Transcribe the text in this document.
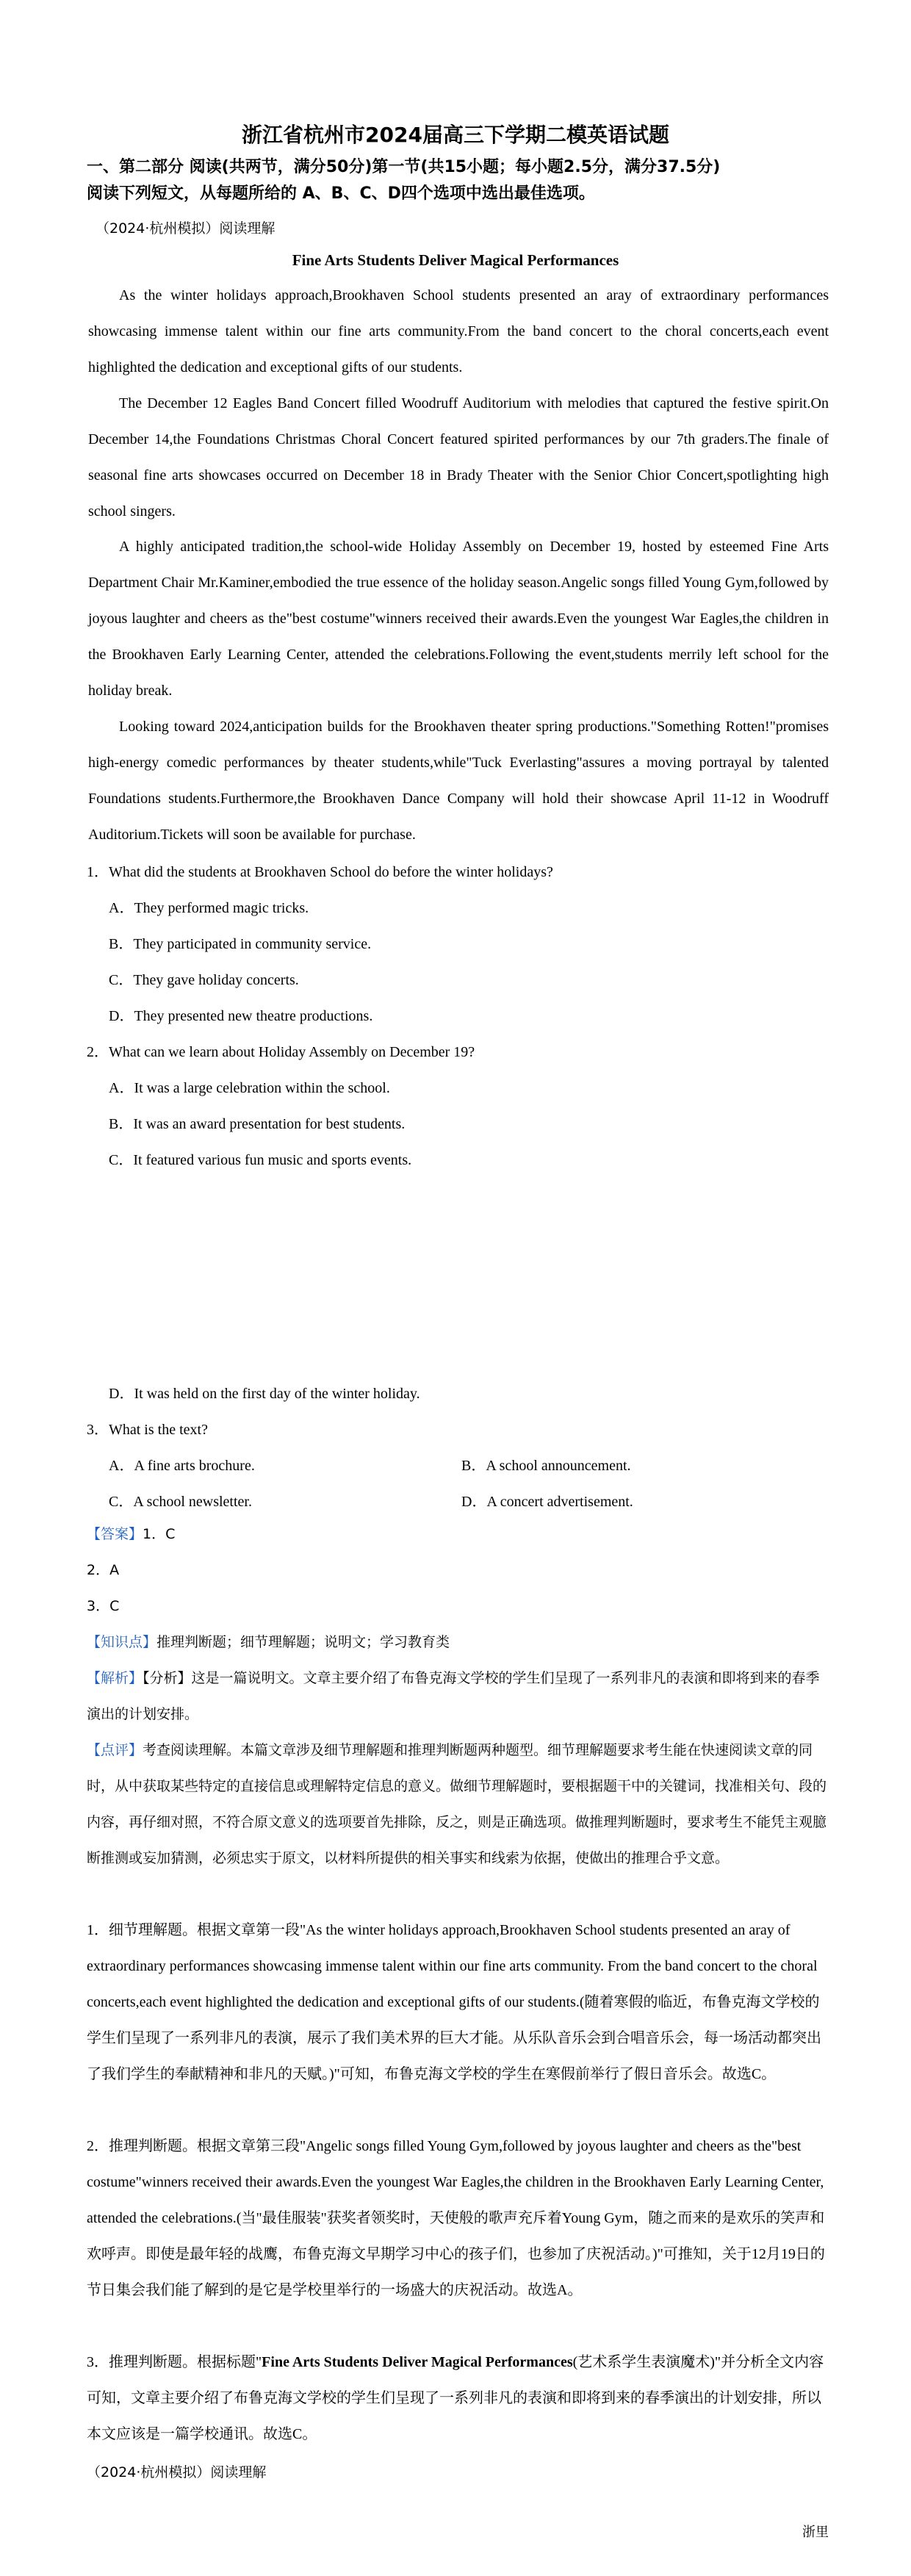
浙江省杭州市2024届高三下学期二模英语试题
一、第二部分 阅读(共两节，满分50分)第一节(共15小题；每小题2.5分，满分37.5分)
阅读下列短文，从每题所给的 A、B、C、D四个选项中选出最佳选项。
（2024·杭州模拟）阅读理解
Fine Arts Students Deliver Magical Performances

As the winter holidays approach,Brookhaven School students presented an aray of extraordinary performances showcasing immense talent within our fine arts community.From the band concert to the choral concerts,each event highlighted the dedication and exceptional gifts of our students.

The December 12 Eagles Band Concert filled Woodruff Auditorium with melodies that captured the festive spirit.On December 14,the Foundations Christmas Choral Concert featured spirited performances by our 7th graders.The finale of seasonal fine arts showcases occurred on December 18 in Brady Theater with the Senior Chior Concert,spotlighting high school singers.

A highly anticipated tradition,the school-wide Holiday Assembly on December 19, hosted by esteemed Fine Arts Department Chair Mr.Kaminer,embodied the true essence of the holiday season.Angelic songs filled Young Gym,followed by joyous laughter and cheers as the"best costume"winners received their awards.Even the youngest War Eagles,the children in the Brookhaven Early Learning Center, attended the celebrations.Following the event,students merrily left school for the holiday break.

Looking toward 2024,anticipation builds for the Brookhaven theater spring productions."Something Rotten!"promises high-energy comedic performances by theater students,while"Tuck Everlasting"assures a moving portrayal by talented Foundations students.Furthermore,the Brookhaven Dance Company will hold their showcase April 11-12 in Woodruff Auditorium.Tickets will soon be available for purchase.

1．What did the students at Brookhaven School do before the winter holidays?
A．They performed magic tricks.
B．They participated in community service.
C．They gave holiday concerts.
D．They presented new theatre productions.
2．What can we learn about Holiday Assembly on December 19?
A．It was a large celebration within the school.
B．It was an award presentation for best students.
C．It featured various fun music and sports events.
D．It was held on the first day of the winter holiday.
3．What is the text?
A．A fine arts brochure.	B．A school announcement.
C．A school newsletter.	D．A concert advertisement.
【答案】1．C
2．A
3．C
【知识点】推理判断题；细节理解题；说明文；学习教育类

【解析】【分析】这是一篇说明文。文章主要介绍了布鲁克海文学校的学生们呈现了一系列非凡的表演和即将到来的春季演出的计划安排。

【点评】考查阅读理解。本篇文章涉及细节理解题和推理判断题两种题型。细节理解题要求考生能在快速阅读文章的同时，从中获取某些特定的直接信息或理解特定信息的意义。做细节理解题时，要根据题干中的关键词，找准相关句、段的内容，再仔细对照，不符合原文意义的选项要首先排除，反之，则是正确选项。做推理判断题时，要求考生不能凭主观臆断推测或妄加猜测，必须忠实于原文，以材料所提供的相关事实和线索为依据，使做出的推理合乎文意。

1．细节理解题。根据文章第一段"As the winter holidays approach,Brookhaven School students presented an aray of extraordinary performances showcasing immense talent within our fine arts community. From the band concert to the choral concerts,each event highlighted the dedication and exceptional gifts of our students.(随着寒假的临近，布鲁克海文学校的学生们呈现了一系列非凡的表演，展示了我们美术界的巨大才能。从乐队音乐会到合唱音乐会，每一场活动都突出了我们学生的奉献精神和非凡的天赋。)"可知，布鲁克海文学校的学生在寒假前举行了假日音乐会。故选C。

2．推理判断题。根据文章第三段"Angelic songs filled Young Gym,followed by joyous laughter and cheers as the"best costume"winners received their awards.Even the youngest War Eagles,the children in the Brookhaven Early Learning Center, attended the celebrations.(当"最佳服装"获奖者领奖时，天使般的歌声充斥着Young Gym，随之而来的是欢乐的笑声和欢呼声。即使是最年轻的战鹰，布鲁克海文早期学习中心的孩子们，也参加了庆祝活动。)"可推知，关于12月19日的节日集会我们能了解到的是它是学校里举行的一场盛大的庆祝活动。故选A。

3．推理判断题。根据标题"Fine Arts Students Deliver Magical Performances(艺术系学生表演魔术)"并分析全文内容可知，文章主要介绍了布鲁克海文学校的学生们呈现了一系列非凡的表演和即将到来的春季演出的计划安排，所以本文应该是一篇学校通讯。故选C。

（2024·杭州模拟）阅读理解
浙里
